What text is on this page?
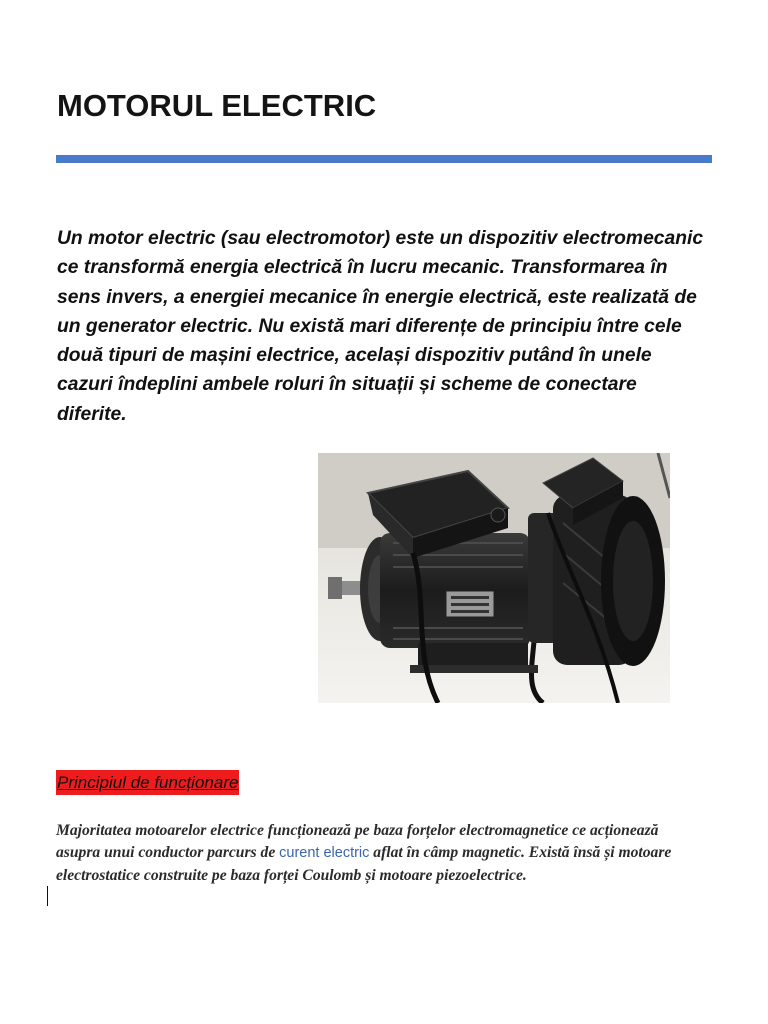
MOTORUL ELECTRIC
Un motor electric (sau electromotor) este un dispozitiv electromecanic ce transformă energia electrică în lucru mecanic. Transformarea în sens invers, a energiei mecanice în energie electrică, este realizată de un generator electric. Nu există mari diferențe de principiu între cele două tipuri de mașini electrice, același dispozitiv putând în unele cazuri îndeplini ambele roluri în situații și scheme de conectare diferite.
Principiul de funcționare
Majoritatea motoarelor electrice funcționează pe baza forțelor electromagnetice ce acționează asupra unui conductor parcurs de curent electric aflat în câmp magnetic. Există însă și motoare electrostatice construite pe baza forței Coulomb și motoare piezoelectrice.
